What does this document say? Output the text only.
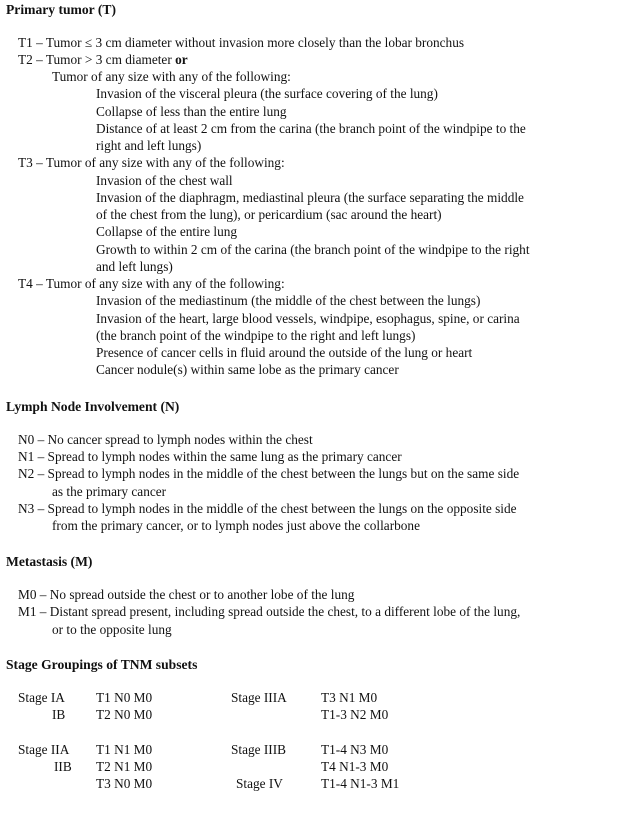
Primary tumor (T)
T1 – Tumor ≤ 3 cm diameter without invasion more closely than the lobar bronchus
T2 – Tumor > 3 cm diameter or
Tumor of any size with any of the following:
Invasion of the visceral pleura (the surface covering of the lung)
Collapse of less than the entire lung
Distance of at least 2 cm from the carina (the branch point of the windpipe to the
right and left lungs)
T3 – Tumor of any size with any of the following:
Invasion of the chest wall
Invasion of the diaphragm, mediastinal pleura (the surface separating the middle
of the chest from the lung), or pericardium (sac around the heart)
Collapse of the entire lung
Growth to within 2 cm of the carina (the branch point of the windpipe to the right
and left lungs)
T4 – Tumor of any size with any of the following:
Invasion of the mediastinum (the middle of the chest between the lungs)
Invasion of the heart, large blood vessels, windpipe, esophagus, spine, or carina
(the branch point of the windpipe to the right and left lungs)
Presence of cancer cells in fluid around the outside of the lung or heart
Cancer nodule(s) within same lobe as the primary cancer
Lymph Node Involvement (N)
N0 – No cancer spread to lymph nodes within the chest
N1 – Spread to lymph nodes within the same lung as the primary cancer
N2 – Spread to lymph nodes in the middle of the chest between the lungs but on the same side
as the primary cancer
N3 – Spread to lymph nodes in the middle of the chest between the lungs on the opposite side
from the primary cancer, or to lymph nodes just above the collarbone
Metastasis (M)
M0 – No spread outside the chest or to another lobe of the lung
M1 – Distant spread present, including spread outside the chest, to a different lobe of the lung,
or to the opposite lung
Stage Groupings of TNM subsets
Stage IA T1 N0 M0
IB T2 N0 M0
Stage IIA T1 N1 M0
IIB T2 N1 M0
T3 N0 M0
Stage IIIA	T3 N1 M0
T1-3 N2 M0
Stage IIIB	T1-4 N3 M0
T4 N1-3 M0
Stage IV	T1-4 N1-3 M1
